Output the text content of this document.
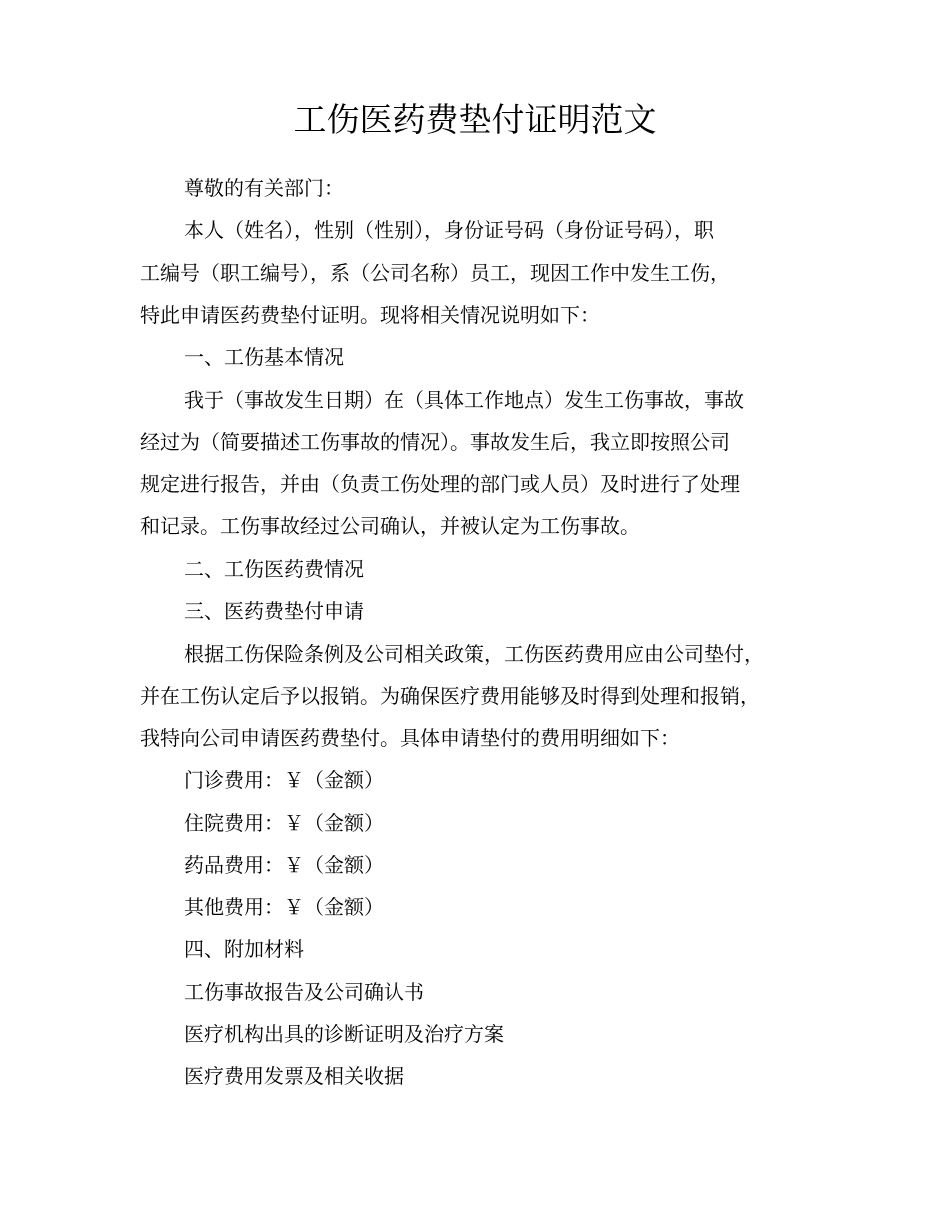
工伤医药费垫付证明范文
尊敬的有关部门：
本人（姓名），性别（性别），身份证号码（身份证号码），职
工编号（职工编号），系（公司名称）员工，现因工作中发生工伤，
特此申请医药费垫付证明。现将相关情况说明如下：
一、工伤基本情况
我于（事故发生日期）在（具体工作地点）发生工伤事故，事故
经过为（简要描述工伤事故的情况）。事故发生后，我立即按照公司
规定进行报告，并由（负责工伤处理的部门或人员）及时进行了处理
和记录。工伤事故经过公司确认，并被认定为工伤事故。
二、工伤医药费情况
三、医药费垫付申请
根据工伤保险条例及公司相关政策，工伤医药费用应由公司垫付，
并在工伤认定后予以报销。为确保医疗费用能够及时得到处理和报销，
我特向公司申请医药费垫付。具体申请垫付的费用明细如下：
门诊费用：￥（金额）
住院费用：￥（金额）
药品费用：￥（金额）
其他费用：￥（金额）
四、附加材料
工伤事故报告及公司确认书
医疗机构出具的诊断证明及治疗方案
医疗费用发票及相关收据
